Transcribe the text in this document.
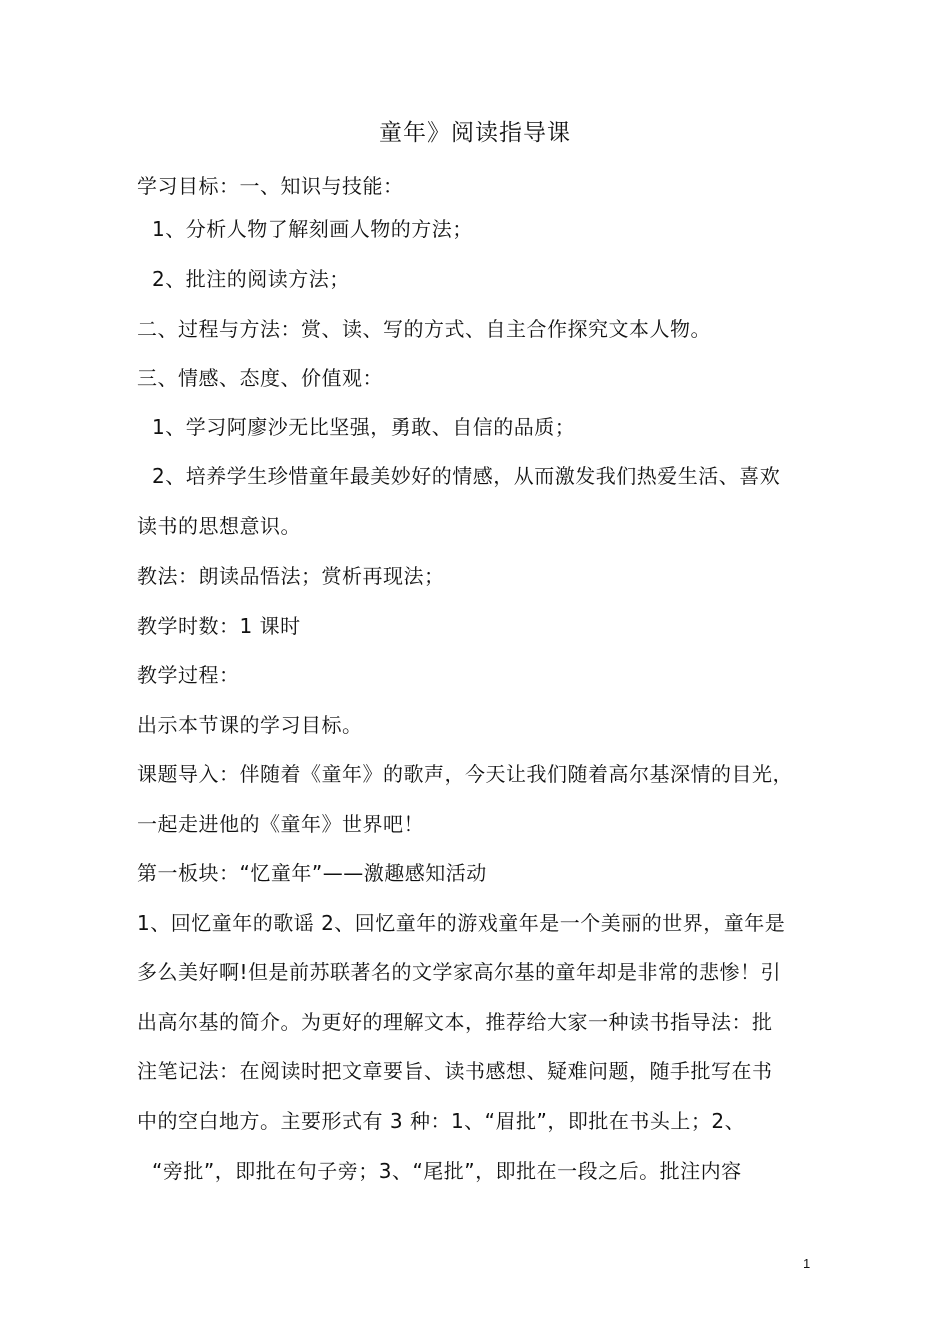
童年》阅读指导课
学习目标：一、知识与技能：
1、分析人物了解刻画人物的方法；
2、批注的阅读方法；
二、过程与方法：赏、读、写的方式、自主合作探究文本人物。
三、情感、态度、价值观：
1、学习阿廖沙无比坚强，勇敢、自信的品质；
2、培养学生珍惜童年最美妙好的情感，从而激发我们热爱生活、喜欢
读书的思想意识。
教法：朗读品悟法；赏析再现法；
教学时数：1 课时
教学过程：
出示本节课的学习目标。
课题导入：伴随着《童年》的歌声，今天让我们随着高尔基深情的目光，
一起走进他的《童年》世界吧！
第一板块：“忆童年”——激趣感知活动
1、回忆童年的歌谣 2、回忆童年的游戏童年是一个美丽的世界，童年是
多么美好啊!但是前苏联著名的文学家高尔基的童年却是非常的悲惨！引
出高尔基的简介。为更好的理解文本，推荐给大家一种读书指导法：批
注笔记法：在阅读时把文章要旨、读书感想、疑难问题，随手批写在书
中的空白地方。主要形式有 3 种：1、“眉批”，即批在书头上；2、
“旁批”，即批在句子旁；3、“尾批”，即批在一段之后。批注内容
1
